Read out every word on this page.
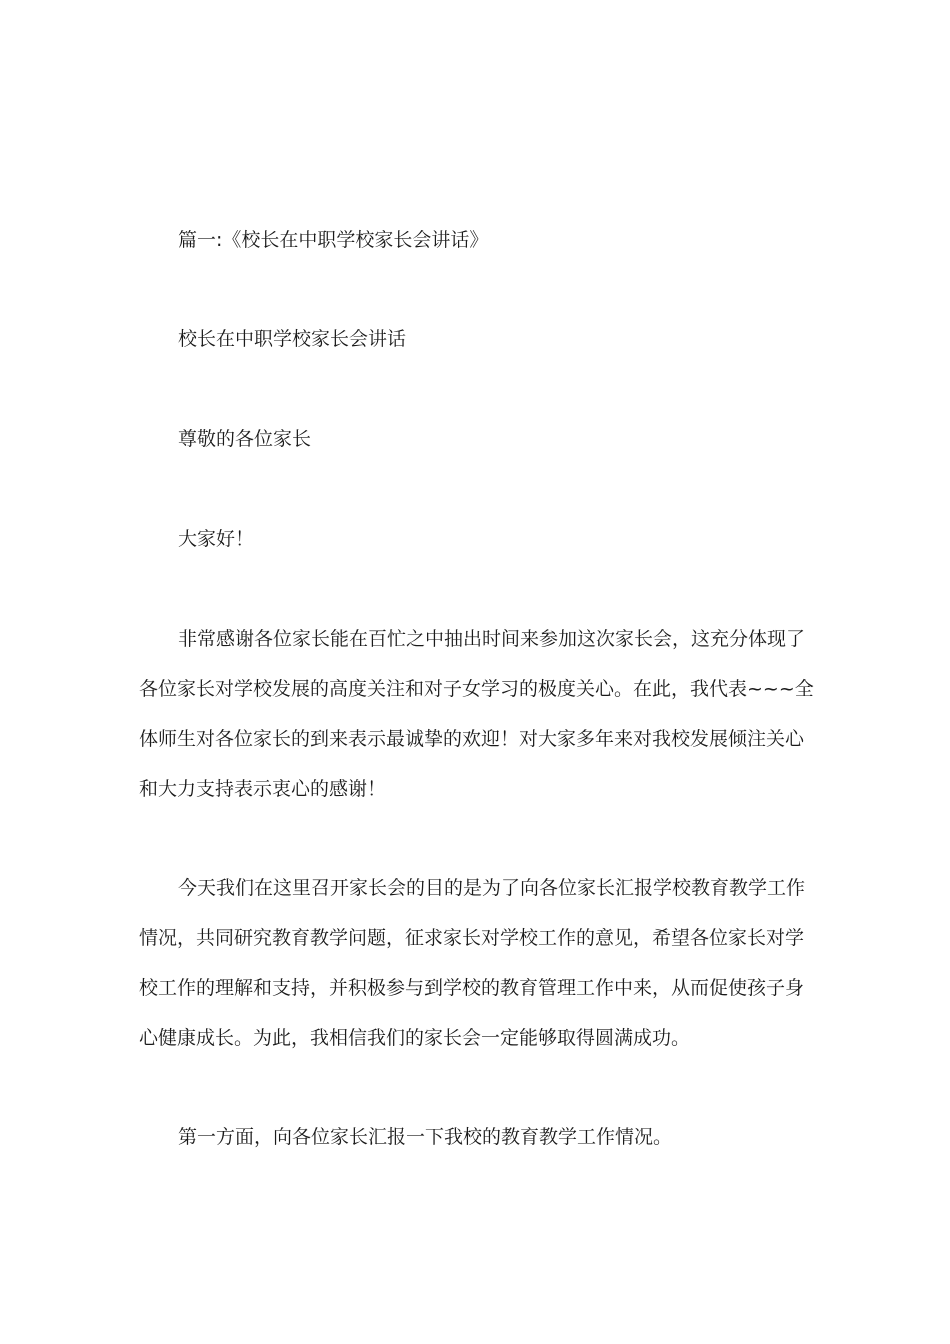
篇一:《校长在中职学校家长会讲话》

校长在中职学校家长会讲话

尊敬的各位家长

大家好！

非常感谢各位家长能在百忙之中抽出时间来参加这次家长会，这充分体现了
各位家长对学校发展的高度关注和对子女学习的极度关心。在此，我代表~~~全
体师生对各位家长的到来表示最诚挚的欢迎！对大家多年来对我校发展倾注关心
和大力支持表示衷心的感谢！
今天我们在这里召开家长会的目的是为了向各位家长汇报学校教育教学工作
情况，共同研究教育教学问题，征求家长对学校工作的意见，希望各位家长对学
校工作的理解和支持，并积极参与到学校的教育管理工作中来，从而促使孩子身
心健康成长。为此，我相信我们的家长会一定能够取得圆满成功。

第一方面，向各位家长汇报一下我校的教育教学工作情况。
